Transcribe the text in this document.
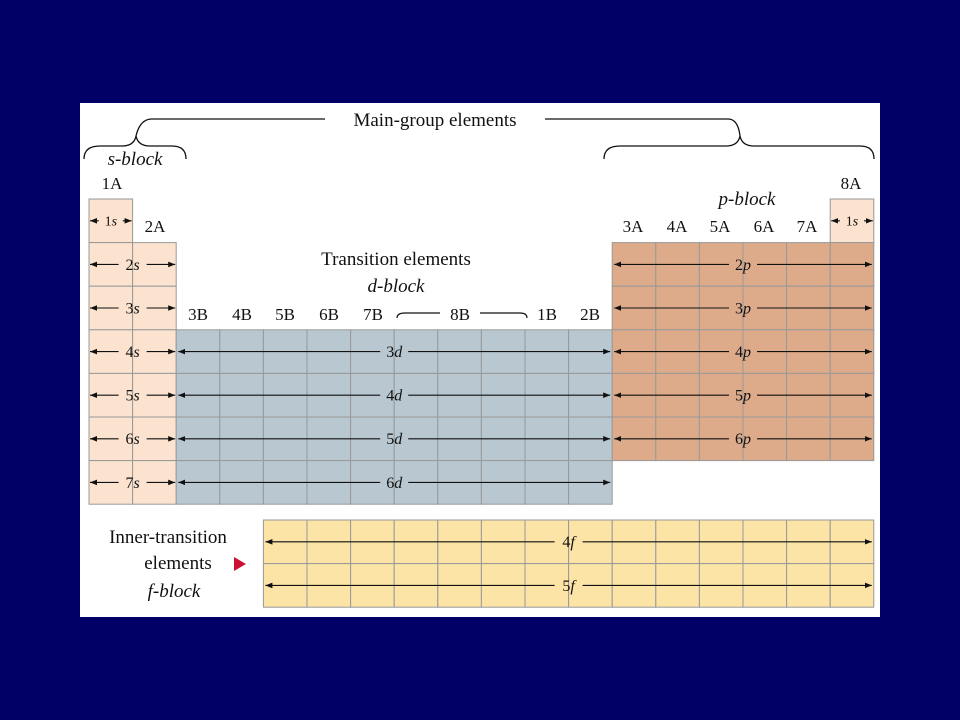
1s
2s
3s
4s
5s
6s
7s
1s
3d
4d
5d
6d
2p
3p
4p
5p
6p
4f
5f
Main-group elements
s-block
p-block
Transition elements
d-block
1A
2A
3B 4B 5B 6B 7B	8B	1B 2B
3A 4A 5A 6A 7A
8A
Inner-transition
elements
f-block
